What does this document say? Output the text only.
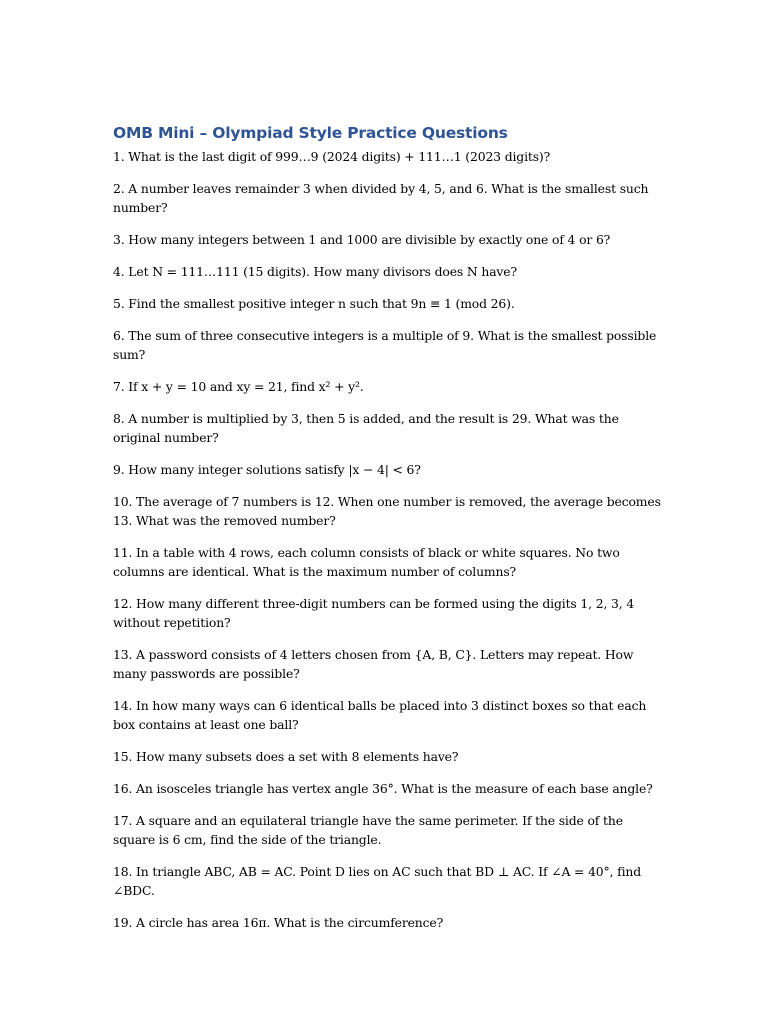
OMB Mini – Olympiad Style Practice Questions
1. What is the last digit of 999…9 (2024 digits) + 111…1 (2023 digits)?
2. A number leaves remainder 3 when divided by 4, 5, and 6. What is the smallest such number?
3. How many integers between 1 and 1000 are divisible by exactly one of 4 or 6?
4. Let N = 111…111 (15 digits). How many divisors does N have?
5. Find the smallest positive integer n such that 9n ≡ 1 (mod 26).
6. The sum of three consecutive integers is a multiple of 9. What is the smallest possible sum?
7. If x + y = 10 and xy = 21, find x² + y².
8. A number is multiplied by 3, then 5 is added, and the result is 29. What was the original number?
9. How many integer solutions satisfy |x − 4| < 6?
10. The average of 7 numbers is 12. When one number is removed, the average becomes 13. What was the removed number?
11. In a table with 4 rows, each column consists of black or white squares. No two columns are identical. What is the maximum number of columns?
12. How many different three-digit numbers can be formed using the digits 1, 2, 3, 4 without repetition?
13. A password consists of 4 letters chosen from {A, B, C}. Letters may repeat. How many passwords are possible?
14. In how many ways can 6 identical balls be placed into 3 distinct boxes so that each box contains at least one ball?
15. How many subsets does a set with 8 elements have?
16. An isosceles triangle has vertex angle 36°. What is the measure of each base angle?
17. A square and an equilateral triangle have the same perimeter. If the side of the square is 6 cm, find the side of the triangle.
18. In triangle ABC, AB = AC. Point D lies on AC such that BD ⊥ AC. If ∠A = 40°, find ∠BDC.
19. A circle has area 16π. What is the circumference?
